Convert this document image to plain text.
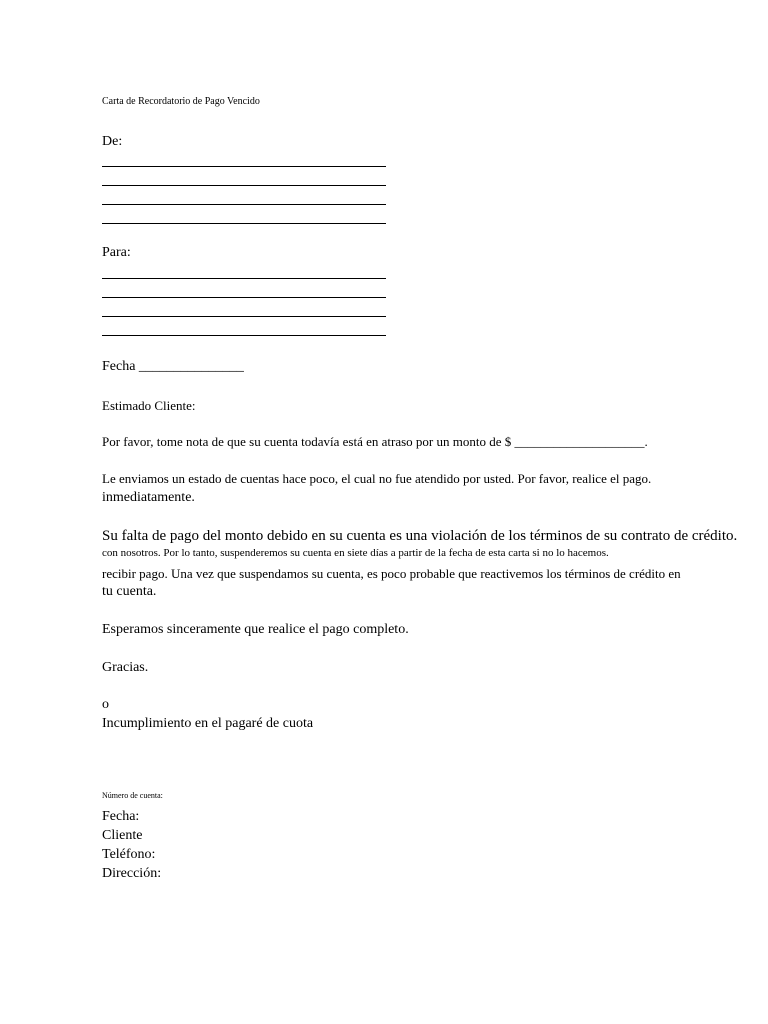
Carta de Recordatorio de Pago Vencido
De:
Para:
Fecha _______________
Estimado Cliente:
Por favor, tome nota de que su cuenta todavía está en atraso por un monto de $ ____________________.
Le enviamos un estado de cuentas hace poco, el cual no fue atendido por usted. Por favor, realice el pago.
inmediatamente.
Su falta de pago del monto debido en su cuenta es una violación de los términos de su contrato de crédito.
con nosotros. Por lo tanto, suspenderemos su cuenta en siete días a partir de la fecha de esta carta si no lo hacemos.
recibir pago. Una vez que suspendamos su cuenta, es poco probable que reactivemos los términos de crédito en
tu cuenta.
Esperamos sinceramente que realice el pago completo.
Gracias.
o
Incumplimiento en el pagaré de cuota
Número de cuenta:
Fecha:
Cliente
Teléfono:
Dirección:
